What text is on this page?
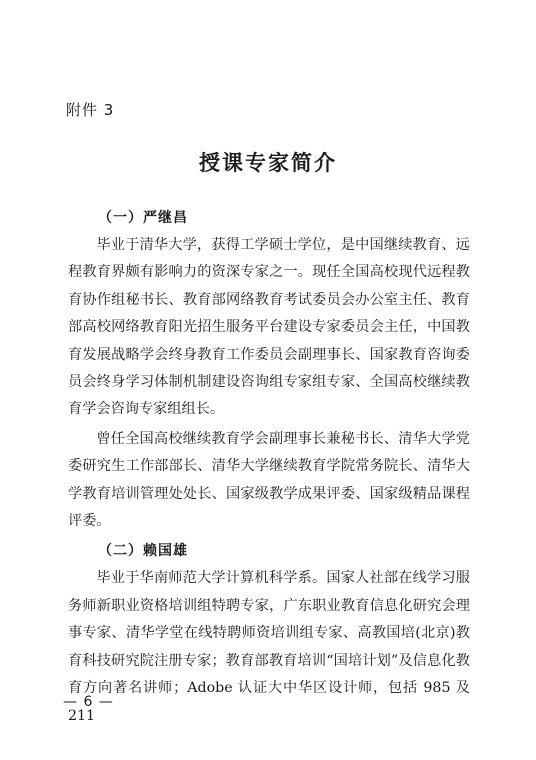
附件 3
授课专家简介
（一）严继昌

毕业于清华大学，获得工学硕士学位，是中国继续教育、远程教育界颇有影响力的资深专家之一。现任全国高校现代远程教育协作组秘书长、教育部网络教育考试委员会办公室主任、教育部高校网络教育阳光招生服务平台建设专家委员会主任，中国教育发展战略学会终身教育工作委员会副理事长、国家教育咨询委员会终身学习体制机制建设咨询组专家组专家、全国高校继续教育学会咨询专家组组长。

曾任全国高校继续教育学会副理事长兼秘书长、清华大学党委研究生工作部部长、清华大学继续教育学院常务院长、清华大学教育培训管理处处长、国家级教学成果评委、国家级精品课程评委。

（二）赖国雄

毕业于华南师范大学计算机科学系。国家人社部在线学习服务师新职业资格培训组特聘专家，广东职业教育信息化研究会理事专家、清华学堂在线特聘师资培训组专家、高教国培(北京)教育科技研究院注册专家；教育部教育培训“国培计划”及信息化教育方向著名讲师；Adobe 认证大中华区设计师，包括 985 及 211

— 6 —
